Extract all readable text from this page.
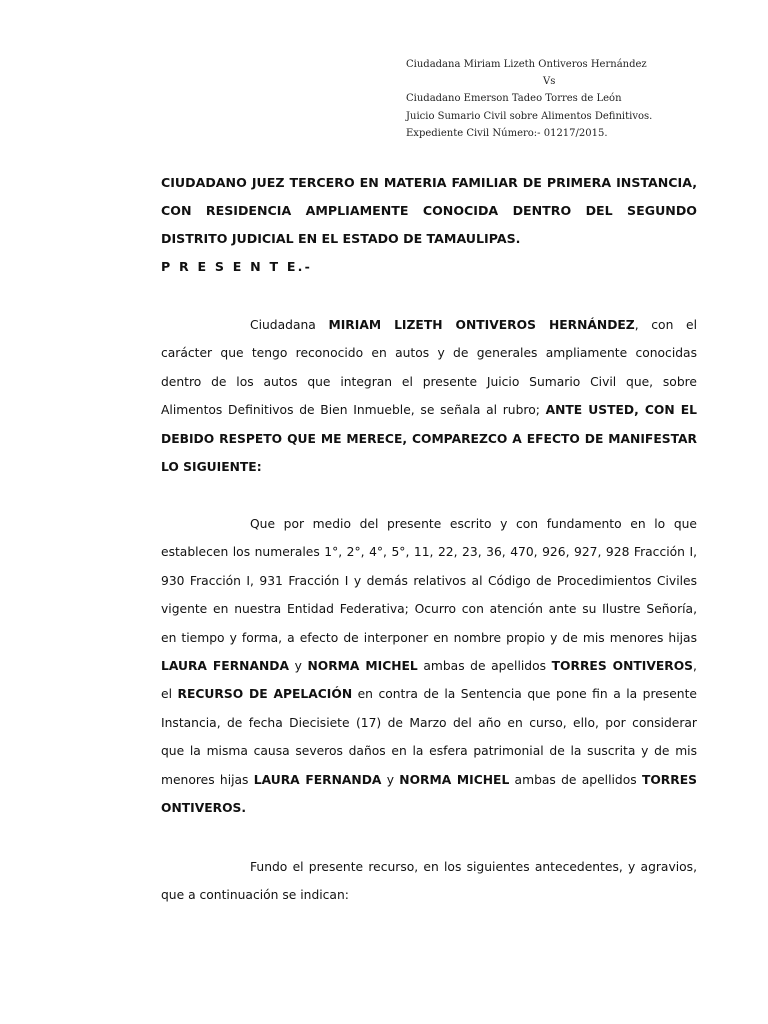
Ciudadana Miriam Lizeth Ontiveros Hernández
Vs
Ciudadano Emerson Tadeo Torres de León
Juicio Sumario Civil sobre Alimentos Definitivos.
Expediente Civil Número:- 01217/2015.
CIUDADANO JUEZ TERCERO EN MATERIA FAMILIAR DE PRIMERA INSTANCIA,
CON RESIDENCIA AMPLIAMENTE CONOCIDA DENTRO DEL SEGUNDO
DISTRITO JUDICIAL EN EL ESTADO DE TAMAULIPAS.
P R E S E N T E.-
Ciudadana MIRIAM LIZETH ONTIVEROS HERNÁNDEZ, con el
carácter que tengo reconocido en autos y de generales ampliamente conocidas
dentro de los autos que integran el presente Juicio Sumario Civil que, sobre
Alimentos Definitivos de Bien Inmueble, se señala al rubro; ANTE USTED, CON EL
DEBIDO RESPETO QUE ME MERECE, COMPAREZCO A EFECTO DE MANIFESTAR
LO SIGUIENTE:
Que por medio del presente escrito y con fundamento en lo que
establecen los numerales 1°, 2°, 4°, 5°, 11, 22, 23, 36, 470, 926, 927, 928 Fracción I,
930 Fracción I, 931 Fracción I y demás relativos al Código de Procedimientos Civiles
vigente en nuestra Entidad Federativa; Ocurro con atención ante su Ilustre Señoría,
en tiempo y forma, a efecto de interponer en nombre propio y de mis menores hijas
LAURA FERNANDA y NORMA MICHEL ambas de apellidos TORRES ONTIVEROS,
el RECURSO DE APELACIÓN en contra de la Sentencia que pone fin a la presente
Instancia, de fecha Diecisiete (17) de Marzo del año en curso, ello, por considerar
que la misma causa severos daños en la esfera patrimonial de la suscrita y de mis
menores hijas LAURA FERNANDA y NORMA MICHEL ambas de apellidos TORRES
ONTIVEROS.
Fundo el presente recurso, en los siguientes antecedentes, y agravios,
que a continuación se indican:
